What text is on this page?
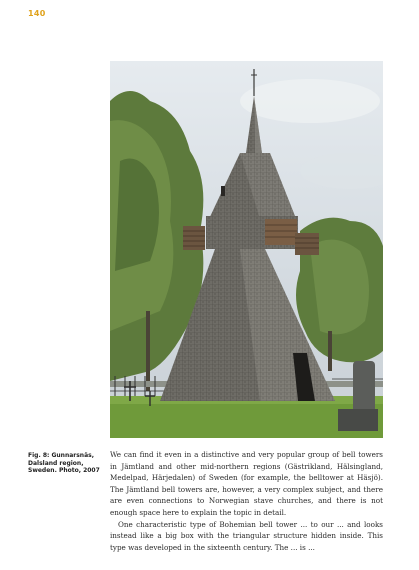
140
Fig. 8: Gunnarsnäs, Dalsland region, Sweden. Photo, 2007

We can find it even in a distinctive and very popular group of bell towers in Jämtland and other mid-northern regions (Gästrikland, Hälsingland, Medelpad, Härjedalen) of Sweden (for example, the belltower at Häsjö). The Jämtland bell towers are, however, a very complex subject, and there are even connections to Norwegian stave churches, and there is not enough space here to explain the topic in detail.

One characteristic type of Bohemian bell tower ... to our ... and looks instead like a big box with the triangular structure hidden inside. This type was developed in the sixteenth century. The ... is ...
